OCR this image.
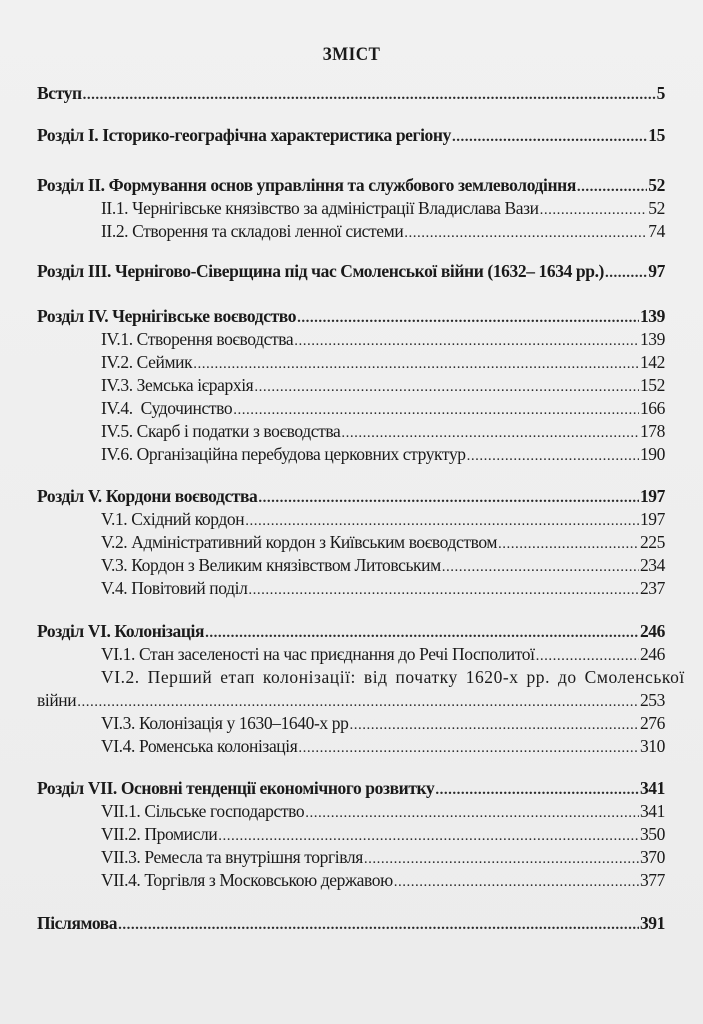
ЗМІСТ
Вступ .....	5
Розділ І. Історико-географічна характеристика регіону .....	15
Розділ ІІ. Формування основ управління та службового землеволодіння .....	52
ІІ.1. Чернігівське князівство за адміністрації Владислава Вази .....	52
ІІ.2. Створення та складові ленної системи .....	74
Розділ ІІІ. Чернігово-Сіверщина під час Смоленської війни (1632– 1634 рр.) .....	97
Розділ IV. Чернігівське воєводство .....	139
IV.1. Створення воєводства .....	139
IV.2. Сеймик .....	142
IV.3. Земська ієрархія .....	152
IV.4.  Судочинство .....	166
IV.5. Скарб і податки з воєводства .....	178
IV.6. Організаційна перебудова церковних структур .....	190
Розділ V. Кордони воєводства .....	197
V.1. Східний кордон .....	197
V.2. Адміністративний кордон з Київським воєводством .....	225
V.3. Кордон з Великим князівством Литовським .....	234
V.4. Повітовий поділ .....	237
Розділ VI. Колонізація .....	246
VI.1. Стан заселеності на час приєднання до Речі Посполитої .....	246
VI.2. Перший етап колонізації: від початку 1620-х рр. до Смоленської
війни .....	253
VI.3. Колонізація у 1630–1640-х рр .....	276
VI.4. Роменська колонізація .....	310
Розділ VII. Основні тенденції економічного розвитку .....	341
VII.1. Сільське господарство .....	341
VII.2. Промисли .....	350
VII.3. Ремесла та внутрішня торгівля .....	370
VII.4. Торгівля з Московською державою .....	377
Післямова .....	391
